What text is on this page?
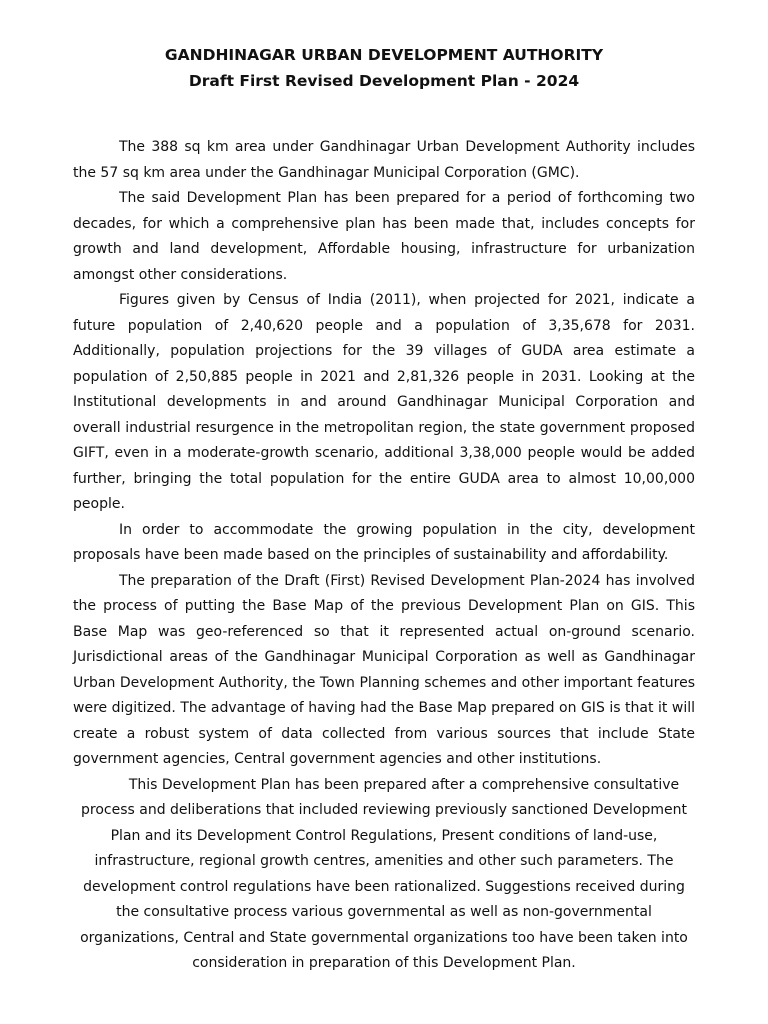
GANDHINAGAR URBAN DEVELOPMENT AUTHORITY
Draft First Revised Development Plan - 2024

The 388 sq km area under Gandhinagar Urban Development Authority includes the 57 sq km area under the Gandhinagar Municipal Corporation (GMC).

The said Development Plan has been prepared for a period of forthcoming two decades, for which a comprehensive plan has been made that, includes concepts for growth and land development, Affordable housing, infrastructure for urbanization amongst other considerations.

Figures given by Census of India (2011), when projected for 2021, indicate a future population of 2,40,620 people and a population of 3,35,678 for 2031. Additionally, population projections for the 39 villages of GUDA area estimate a population of 2,50,885 people in 2021 and 2,81,326 people in 2031. Looking at the Institutional developments in and around Gandhinagar Municipal Corporation and overall industrial resurgence in the metropolitan region, the state government proposed GIFT, even in a moderate-growth scenario, additional 3,38,000 people would be added further, bringing the total population for the entire GUDA area to almost 10,00,000 people.

In order to accommodate the growing population in the city, development proposals have been made based on the principles of sustainability and affordability.

The preparation of the Draft (First) Revised Development Plan-2024 has involved the process of putting the Base Map of the previous Development Plan on GIS. This Base Map was geo-referenced so that it represented actual on-ground scenario. Jurisdictional areas of the Gandhinagar Municipal Corporation as well as Gandhinagar Urban Development Authority, the Town Planning schemes and other important features were digitized. The advantage of having had the Base Map prepared on GIS is that it will create a robust system of data collected from various sources that include State government agencies, Central government agencies and other institutions.

This Development Plan has been prepared after a comprehensive consultative process and deliberations that included reviewing previously sanctioned Development Plan and its Development Control Regulations, Present conditions of land-use, infrastructure, regional growth centres, amenities and other such parameters. The development control regulations have been rationalized. Suggestions received during the consultative process various governmental as well as non-governmental organizations, Central and State governmental organizations too have been taken into consideration in preparation of this Development Plan.
